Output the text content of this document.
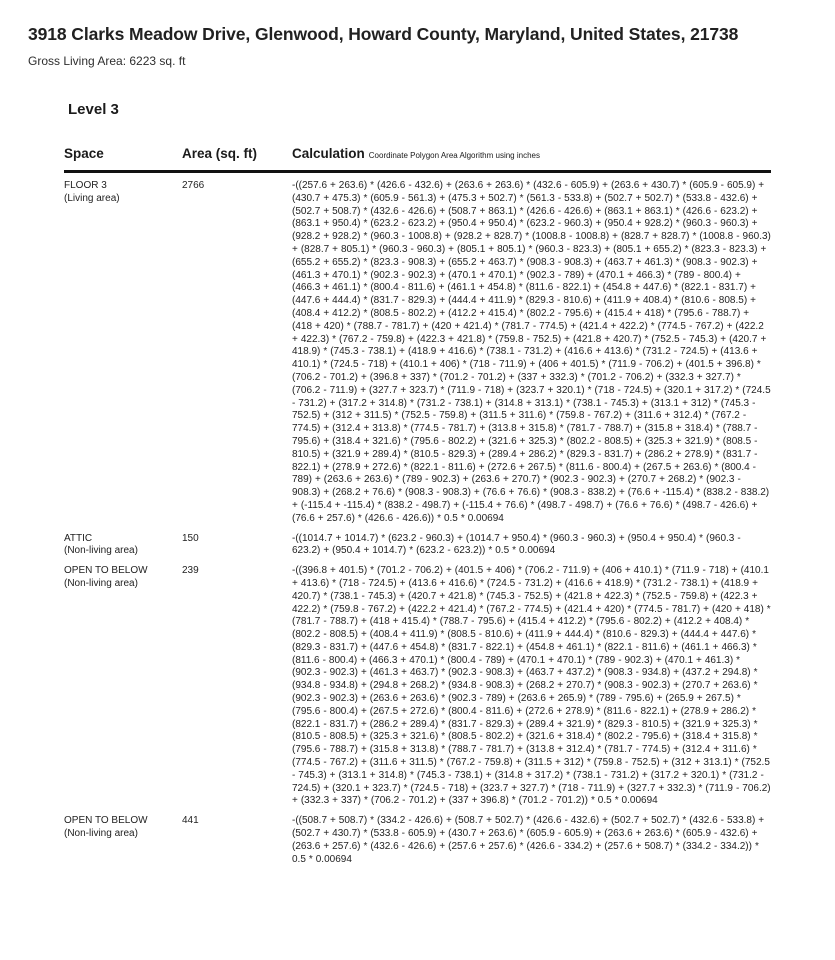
3918 Clarks Meadow Drive, Glenwood, Howard County, Maryland, United States, 21738
Gross Living Area: 6223 sq. ft
Level 3
Space	Area (sq. ft)	Calculation Coordinate Polygon Area Algorithm using inches
FLOOR 3
(Living area)
2766	-((257.6 + 263.6) * (426.6 - 432.6) + (263.6 + 263.6) * (432.6 - 605.9) + (263.6 + 430.7) * (605.9 - 605.9) + (430.7 + 475.3) * (605.9 - 561.3) + (475.3 + 502.7) * (561.3 - 533.8) + (502.7 + 502.7) * (533.8 - 432.6) + (502.7 + 508.7) * (432.6 - 426.6) + (508.7 + 863.1) * (426.6 - 426.6) + (863.1 + 863.1) * (426.6 - 623.2) + (863.1 + 950.4) * (623.2 - 623.2) + (950.4 + 950.4) * (623.2 - 960.3) + (950.4 + 928.2) * (960.3 - 960.3) + (928.2 + 928.2) * (960.3 - 1008.8) + (928.2 + 828.7) * (1008.8 - 1008.8) + (828.7 + 828.7) * (1008.8 - 960.3) + (828.7 + 805.1) * (960.3 - 960.3) + (805.1 + 805.1) * (960.3 - 823.3) + (805.1 + 655.2) * (823.3 - 823.3) + (655.2 + 655.2) * (823.3 - 908.3) + (655.2 + 463.7) * (908.3 - 908.3) + (463.7 + 461.3) * (908.3 - 902.3) + (461.3 + 470.1) * (902.3 - 902.3) + (470.1 + 470.1) * (902.3 - 789) + (470.1 + 466.3) * (789 - 800.4) + (466.3 + 461.1) * (800.4 - 811.6) + (461.1 + 454.8) * (811.6 - 822.1) + (454.8 + 447.6) * (822.1 - 831.7) + (447.6 + 444.4) * (831.7 - 829.3) + (444.4 + 411.9) * (829.3 - 810.6) + (411.9 + 408.4) * (810.6 - 808.5) + (408.4 + 412.2) * (808.5 - 802.2) + (412.2 + 415.4) * (802.2 - 795.6) + (415.4 + 418) * (795.6 - 788.7) + (418 + 420) * (788.7 - 781.7) + (420 + 421.4) * (781.7 - 774.5) + (421.4 + 422.2) * (774.5 - 767.2) + (422.2 + 422.3) * (767.2 - 759.8) + (422.3 + 421.8) * (759.8 - 752.5) + (421.8 + 420.7) * (752.5 - 745.3) + (420.7 + 418.9) * (745.3 - 738.1) + (418.9 + 416.6) * (738.1 - 731.2) + (416.6 + 413.6) * (731.2 - 724.5) + (413.6 + 410.1) * (724.5 - 718) + (410.1 + 406) * (718 - 711.9) + (406 + 401.5) * (711.9 - 706.2) + (401.5 + 396.8) * (706.2 - 701.2) + (396.8 + 337) * (701.2 - 701.2) + (337 + 332.3) * (701.2 - 706.2) + (332.3 + 327.7) * (706.2 - 711.9) + (327.7 + 323.7) * (711.9 - 718) + (323.7 + 320.1) * (718 - 724.5) + (320.1 + 317.2) * (724.5 - 731.2) + (317.2 + 314.8) * (731.2 - 738.1) + (314.8 + 313.1) * (738.1 - 745.3) + (313.1 + 312) * (745.3 - 752.5) + (312 + 311.5) * (752.5 - 759.8) + (311.5 + 311.6) * (759.8 - 767.2) + (311.6 + 312.4) * (767.2 - 774.5) + (312.4 + 313.8) * (774.5 - 781.7) + (313.8 + 315.8) * (781.7 - 788.7) + (315.8 + 318.4) * (788.7 - 795.6) + (318.4 + 321.6) * (795.6 - 802.2) + (321.6 + 325.3) * (802.2 - 808.5) + (325.3 + 321.9) * (808.5 - 810.5) + (321.9 + 289.4) * (810.5 - 829.3) + (289.4 + 286.2) * (829.3 - 831.7) + (286.2 + 278.9) * (831.7 - 822.1) + (278.9 + 272.6) * (822.1 - 811.6) + (272.6 + 267.5) * (811.6 - 800.4) + (267.5 + 263.6) * (800.4 - 789) + (263.6 + 263.6) * (789 - 902.3) + (263.6 + 270.7) * (902.3 - 902.3) + (270.7 + 268.2) * (902.3 - 908.3) + (268.2 + 76.6) * (908.3 - 908.3) + (76.6 + 76.6) * (908.3 - 838.2) + (76.6 + -115.4) * (838.2 - 838.2) + (-115.4 + -115.4) * (838.2 - 498.7) + (-115.4 + 76.6) * (498.7 - 498.7) + (76.6 + 76.6) * (498.7 - 426.6) + (76.6 + 257.6) * (426.6 - 426.6)) * 0.5 * 0.00694
ATTIC
(Non-living area)
150	-((1014.7 + 1014.7) * (623.2 - 960.3) + (1014.7 + 950.4) * (960.3 - 960.3) + (950.4 + 950.4) * (960.3 - 623.2) + (950.4 + 1014.7) * (623.2 - 623.2)) * 0.5 * 0.00694
OPEN TO BELOW
(Non-living area)
239	-((396.8 + 401.5) * (701.2 - 706.2) + (401.5 + 406) * (706.2 - 711.9) + (406 + 410.1) * (711.9 - 718) + (410.1 + 413.6) * (718 - 724.5) + (413.6 + 416.6) * (724.5 - 731.2) + (416.6 + 418.9) * (731.2 - 738.1) + (418.9 + 420.7) * (738.1 - 745.3) + (420.7 + 421.8) * (745.3 - 752.5) + (421.8 + 422.3) * (752.5 - 759.8) + (422.3 + 422.2) * (759.8 - 767.2) + (422.2 + 421.4) * (767.2 - 774.5) + (421.4 + 420) * (774.5 - 781.7) + (420 + 418) * (781.7 - 788.7) + (418 + 415.4) * (788.7 - 795.6) + (415.4 + 412.2) * (795.6 - 802.2) + (412.2 + 408.4) * (802.2 - 808.5) + (408.4 + 411.9) * (808.5 - 810.6) + (411.9 + 444.4) * (810.6 - 829.3) + (444.4 + 447.6) * (829.3 - 831.7) + (447.6 + 454.8) * (831.7 - 822.1) + (454.8 + 461.1) * (822.1 - 811.6) + (461.1 + 466.3) * (811.6 - 800.4) + (466.3 + 470.1) * (800.4 - 789) + (470.1 + 470.1) * (789 - 902.3) + (470.1 + 461.3) * (902.3 - 902.3) + (461.3 + 463.7) * (902.3 - 908.3) + (463.7 + 437.2) * (908.3 - 934.8) + (437.2 + 294.8) * (934.8 - 934.8) + (294.8 + 268.2) * (934.8 - 908.3) + (268.2 + 270.7) * (908.3 - 902.3) + (270.7 + 263.6) * (902.3 - 902.3) + (263.6 + 263.6) * (902.3 - 789) + (263.6 + 265.9) * (789 - 795.6) + (265.9 + 267.5) * (795.6 - 800.4) + (267.5 + 272.6) * (800.4 - 811.6) + (272.6 + 278.9) * (811.6 - 822.1) + (278.9 + 286.2) * (822.1 - 831.7) + (286.2 + 289.4) * (831.7 - 829.3) + (289.4 + 321.9) * (829.3 - 810.5) + (321.9 + 325.3) * (810.5 - 808.5) + (325.3 + 321.6) * (808.5 - 802.2) + (321.6 + 318.4) * (802.2 - 795.6) + (318.4 + 315.8) * (795.6 - 788.7) + (315.8 + 313.8) * (788.7 - 781.7) + (313.8 + 312.4) * (781.7 - 774.5) + (312.4 + 311.6) * (774.5 - 767.2) + (311.6 + 311.5) * (767.2 - 759.8) + (311.5 + 312) * (759.8 - 752.5) + (312 + 313.1) * (752.5 - 745.3) + (313.1 + 314.8) * (745.3 - 738.1) + (314.8 + 317.2) * (738.1 - 731.2) + (317.2 + 320.1) * (731.2 - 724.5) + (320.1 + 323.7) * (724.5 - 718) + (323.7 + 327.7) * (718 - 711.9) + (327.7 + 332.3) * (711.9 - 706.2) + (332.3 + 337) * (706.2 - 701.2) + (337 + 396.8) * (701.2 - 701.2)) * 0.5 * 0.00694
OPEN TO BELOW
(Non-living area)
441	-((508.7 + 508.7) * (334.2 - 426.6) + (508.7 + 502.7) * (426.6 - 432.6) + (502.7 + 502.7) * (432.6 - 533.8) + (502.7 + 430.7) * (533.8 - 605.9) + (430.7 + 263.6) * (605.9 - 605.9) + (263.6 + 263.6) * (605.9 - 432.6) + (263.6 + 257.6) * (432.6 - 426.6) + (257.6 + 257.6) * (426.6 - 334.2) + (257.6 + 508.7) * (334.2 - 334.2)) * 0.5 * 0.00694
